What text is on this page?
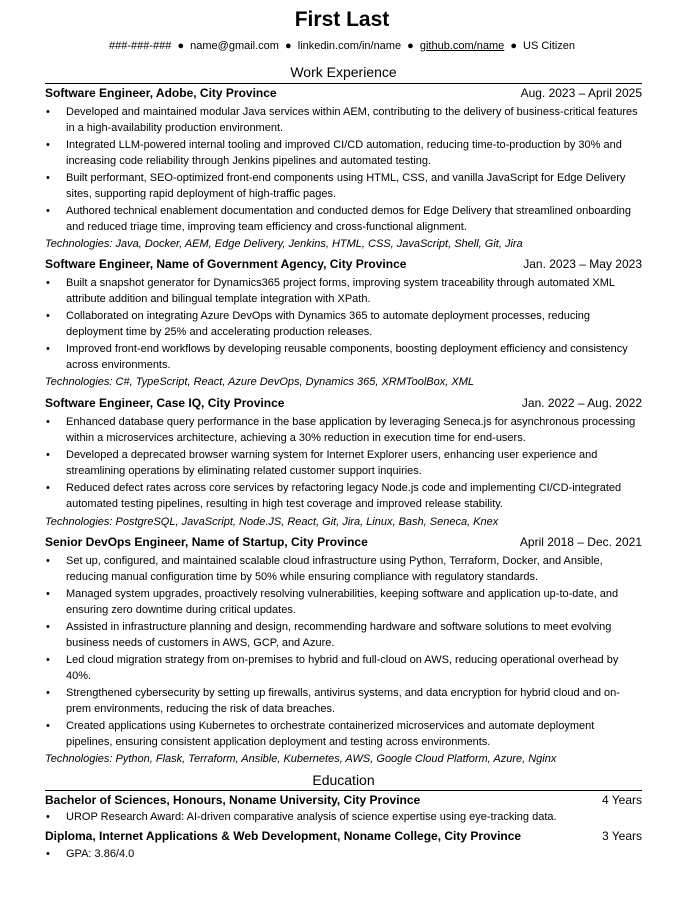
First Last
###-###-### ● name@gmail.com ● linkedin.com/in/name ● github.com/name ● US Citizen
Work Experience
Software Engineer, Adobe, City Province	Aug. 2023 – April 2025
• Developed and maintained modular Java services within AEM, contributing to the delivery of business-critical features in a high-availability production environment.
• Integrated LLM-powered internal tooling and improved CI/CD automation, reducing time-to-production by 30% and increasing code reliability through Jenkins pipelines and automated testing.
• Built performant, SEO-optimized front-end components using HTML, CSS, and vanilla JavaScript for Edge Delivery sites, supporting rapid deployment of high-traffic pages.
• Authored technical enablement documentation and conducted demos for Edge Delivery that streamlined onboarding and reduced triage time, improving team efficiency and cross-functional alignment.
Technologies: Java, Docker, AEM, Edge Delivery, Jenkins, HTML, CSS, JavaScript, Shell, Git, Jira
Software Engineer, Name of Government Agency, City Province	Jan. 2023 – May 2023
• Built a snapshot generator for Dynamics365 project forms, improving system traceability through automated XML attribute addition and bilingual template integration with XPath.
• Collaborated on integrating Azure DevOps with Dynamics 365 to automate deployment processes, reducing deployment time by 25% and accelerating production releases.
• Improved front-end workflows by developing reusable components, boosting deployment efficiency and consistency across environments.
Technologies: C#, TypeScript, React, Azure DevOps, Dynamics 365, XRMToolBox, XML
Software Engineer, Case IQ, City Province	Jan. 2022 – Aug. 2022
• Enhanced database query performance in the base application by leveraging Seneca.js for asynchronous processing within a microservices architecture, achieving a 30% reduction in execution time for end-users.
• Developed a deprecated browser warning system for Internet Explorer users, enhancing user experience and streamlining operations by eliminating related customer support inquiries.
• Reduced defect rates across core services by refactoring legacy Node.js code and implementing CI/CD-integrated automated testing pipelines, resulting in high test coverage and improved release stability.
Technologies: PostgreSQL, JavaScript, Node.JS, React, Git, Jira, Linux, Bash, Seneca, Knex
Senior DevOps Engineer, Name of Startup, City Province	April 2018 – Dec. 2021
• Set up, configured, and maintained scalable cloud infrastructure using Python, Terraform, Docker, and Ansible, reducing manual configuration time by 50% while ensuring compliance with regulatory standards.
• Managed system upgrades, proactively resolving vulnerabilities, keeping software and application up-to-date, and ensuring zero downtime during critical updates.
• Assisted in infrastructure planning and design, recommending hardware and software solutions to meet evolving business needs of customers in AWS, GCP, and Azure.
• Led cloud migration strategy from on-premises to hybrid and full-cloud on AWS, reducing operational overhead by 40%.
• Strengthened cybersecurity by setting up firewalls, antivirus systems, and data encryption for hybrid cloud and on-prem environments, reducing the risk of data breaches.
• Created applications using Kubernetes to orchestrate containerized microservices and automate deployment pipelines, ensuring consistent application deployment and testing across environments.
Technologies: Python, Flask, Terraform, Ansible, Kubernetes, AWS, Google Cloud Platform, Azure, Nginx
Education
Bachelor of Sciences, Honours, Noname University, City Province	4 Years
• UROP Research Award: AI-driven comparative analysis of science expertise using eye-tracking data.
Diploma, Internet Applications & Web Development, Noname College, City Province	3 Years
• GPA: 3.86/4.0
